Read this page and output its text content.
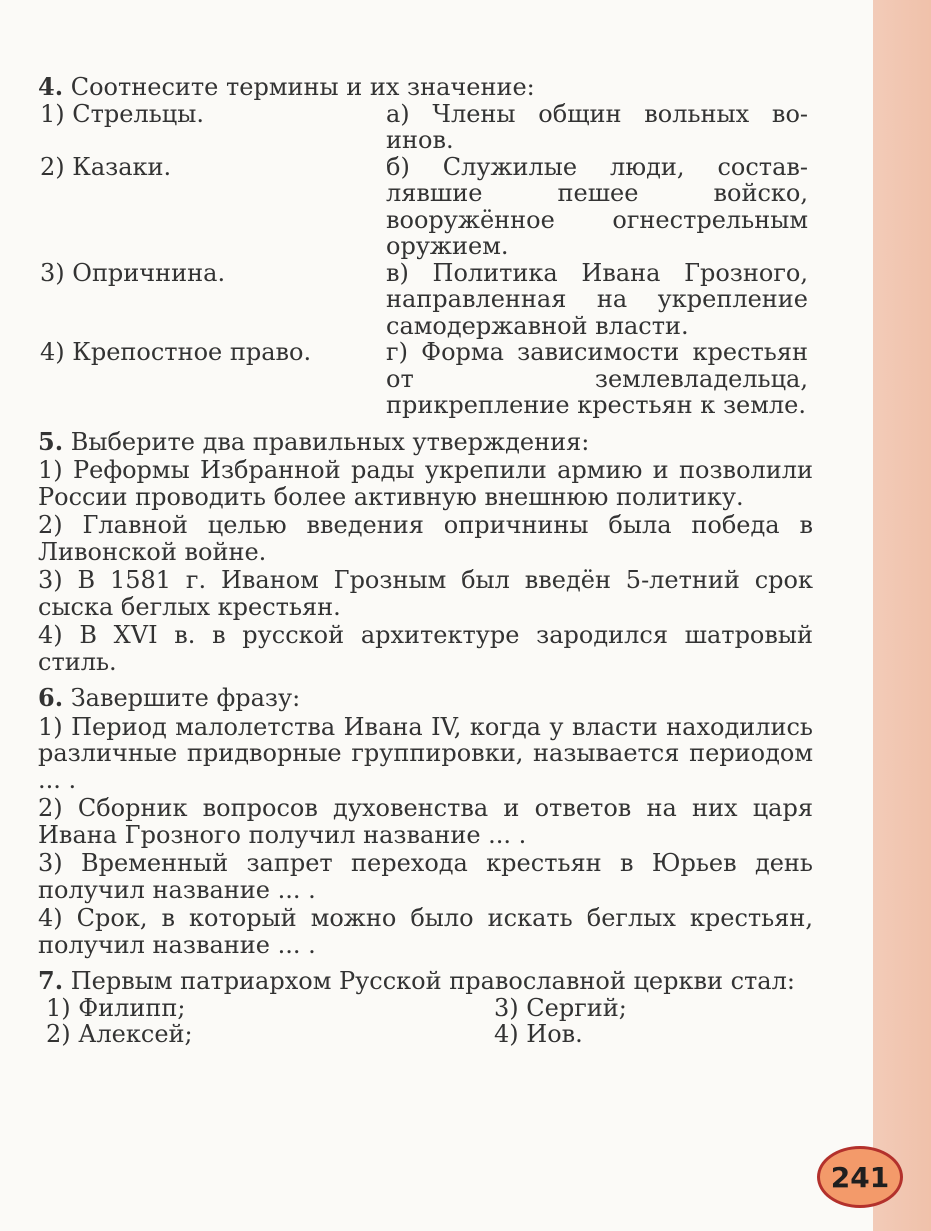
4. Соотнесите термины и их значение:
1) Стрельцы.	а) Члены общин вольных во-инов.
2) Казаки.	б) Служилые люди, состав-лявшие пешее войско, вооружённое огнестрельным оружием.
3) Опричнина.	в) Политика Ивана Грозного, направленная на укрепление самодержавной власти.
4) Крепостное право.	г) Форма зависимости крестьян от землевладельца, прикрепление крестьян к земле.
5. Выберите два правильных утверждения:
1) Реформы Избранной рады укрепили армию и позволили России проводить более активную внешнюю политику.
2) Главной целью введения опричнины была победа в Ливонской войне.
3) В 1581 г. Иваном Грозным был введён 5-летний срок сыска беглых крестьян.
4) В XVI в. в русской архитектуре зародился шатровый стиль.
6. Завершите фразу:
1) Период малолетства Ивана IV, когда у власти находились различные придворные группировки, называется периодом ... .
2) Сборник вопросов духовенства и ответов на них царя Ивана Грозного получил название ... .
3) Временный запрет перехода крестьян в Юрьев день получил название ... .
4) Срок, в который можно было искать беглых крестьян, получил название ... .
7. Первым патриархом Русской православной церкви стал:
1) Филипп;	3) Сергий;
2) Алексей;	4) Иов.
241
